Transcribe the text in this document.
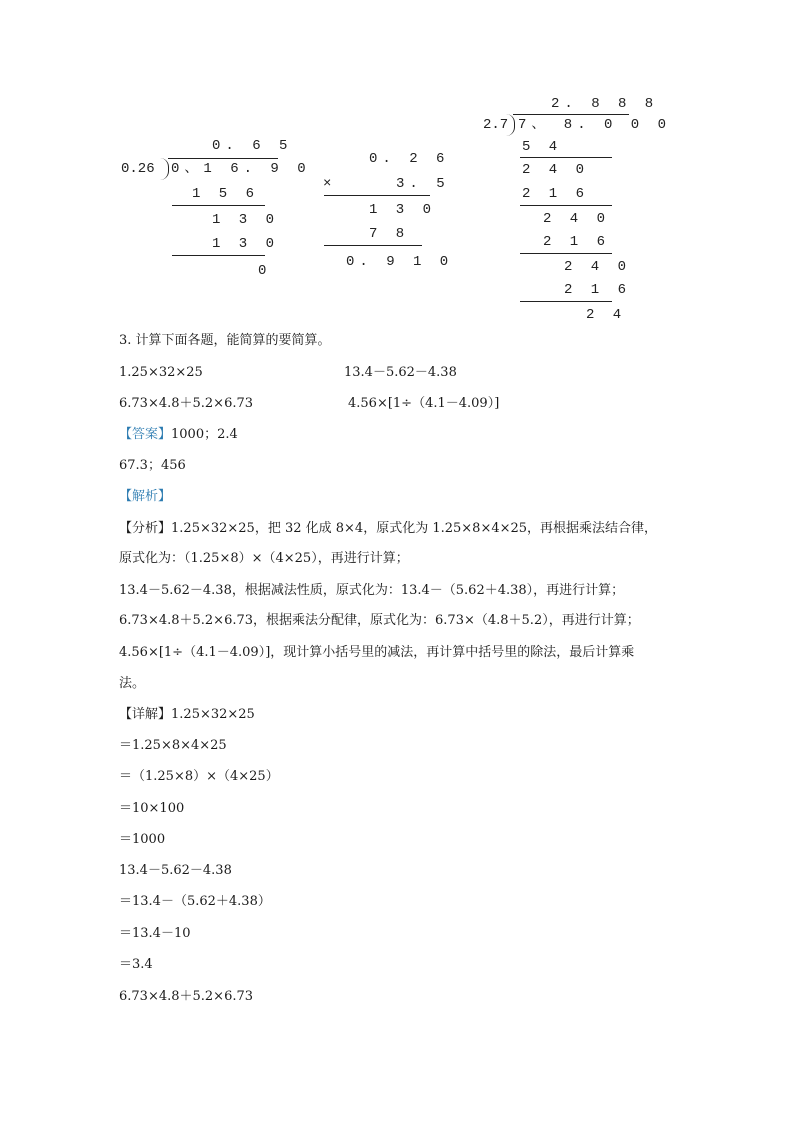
0. 6 5
0.26 0、1 6. 9 0
1 5 6
1 3 0
1 3 0
0
0. 2 6
×	3. 5
1 3 0
7 8
0. 9 1 0
2. 8 8 8
2.7 7、 8. 0 0 0
5 4
2 4 0
2 1 6
2 4 0
2 1 6
2 4 0
2 1 6
2 4
3. 计算下面各题，能简算的要简算。
1.25×32×25	13.4－5.62－4.38
6.73×4.8＋5.2×6.73	4.56×[1÷（4.1－4.09）]
【答案】1000；2.4
67.3；456
【解析】
【分析】1.25×32×25，把 32 化成 8×4，原式化为 1.25×8×4×25，再根据乘法结合律，
原式化为：（1.25×8）×（4×25），再进行计算；
13.4－5.62－4.38，根据减法性质，原式化为：13.4－（5.62＋4.38），再进行计算；
6.73×4.8＋5.2×6.73，根据乘法分配律，原式化为：6.73×（4.8＋5.2），再进行计算；
4.56×[1÷（4.1－4.09）]，现计算小括号里的减法，再计算中括号里的除法，最后计算乘
法。
【详解】1.25×32×25
＝1.25×8×4×25
＝（1.25×8）×（4×25）
＝10×100
＝1000
13.4－5.62－4.38
＝13.4－（5.62＋4.38）
＝13.4－10
＝3.4
6.73×4.8＋5.2×6.73
